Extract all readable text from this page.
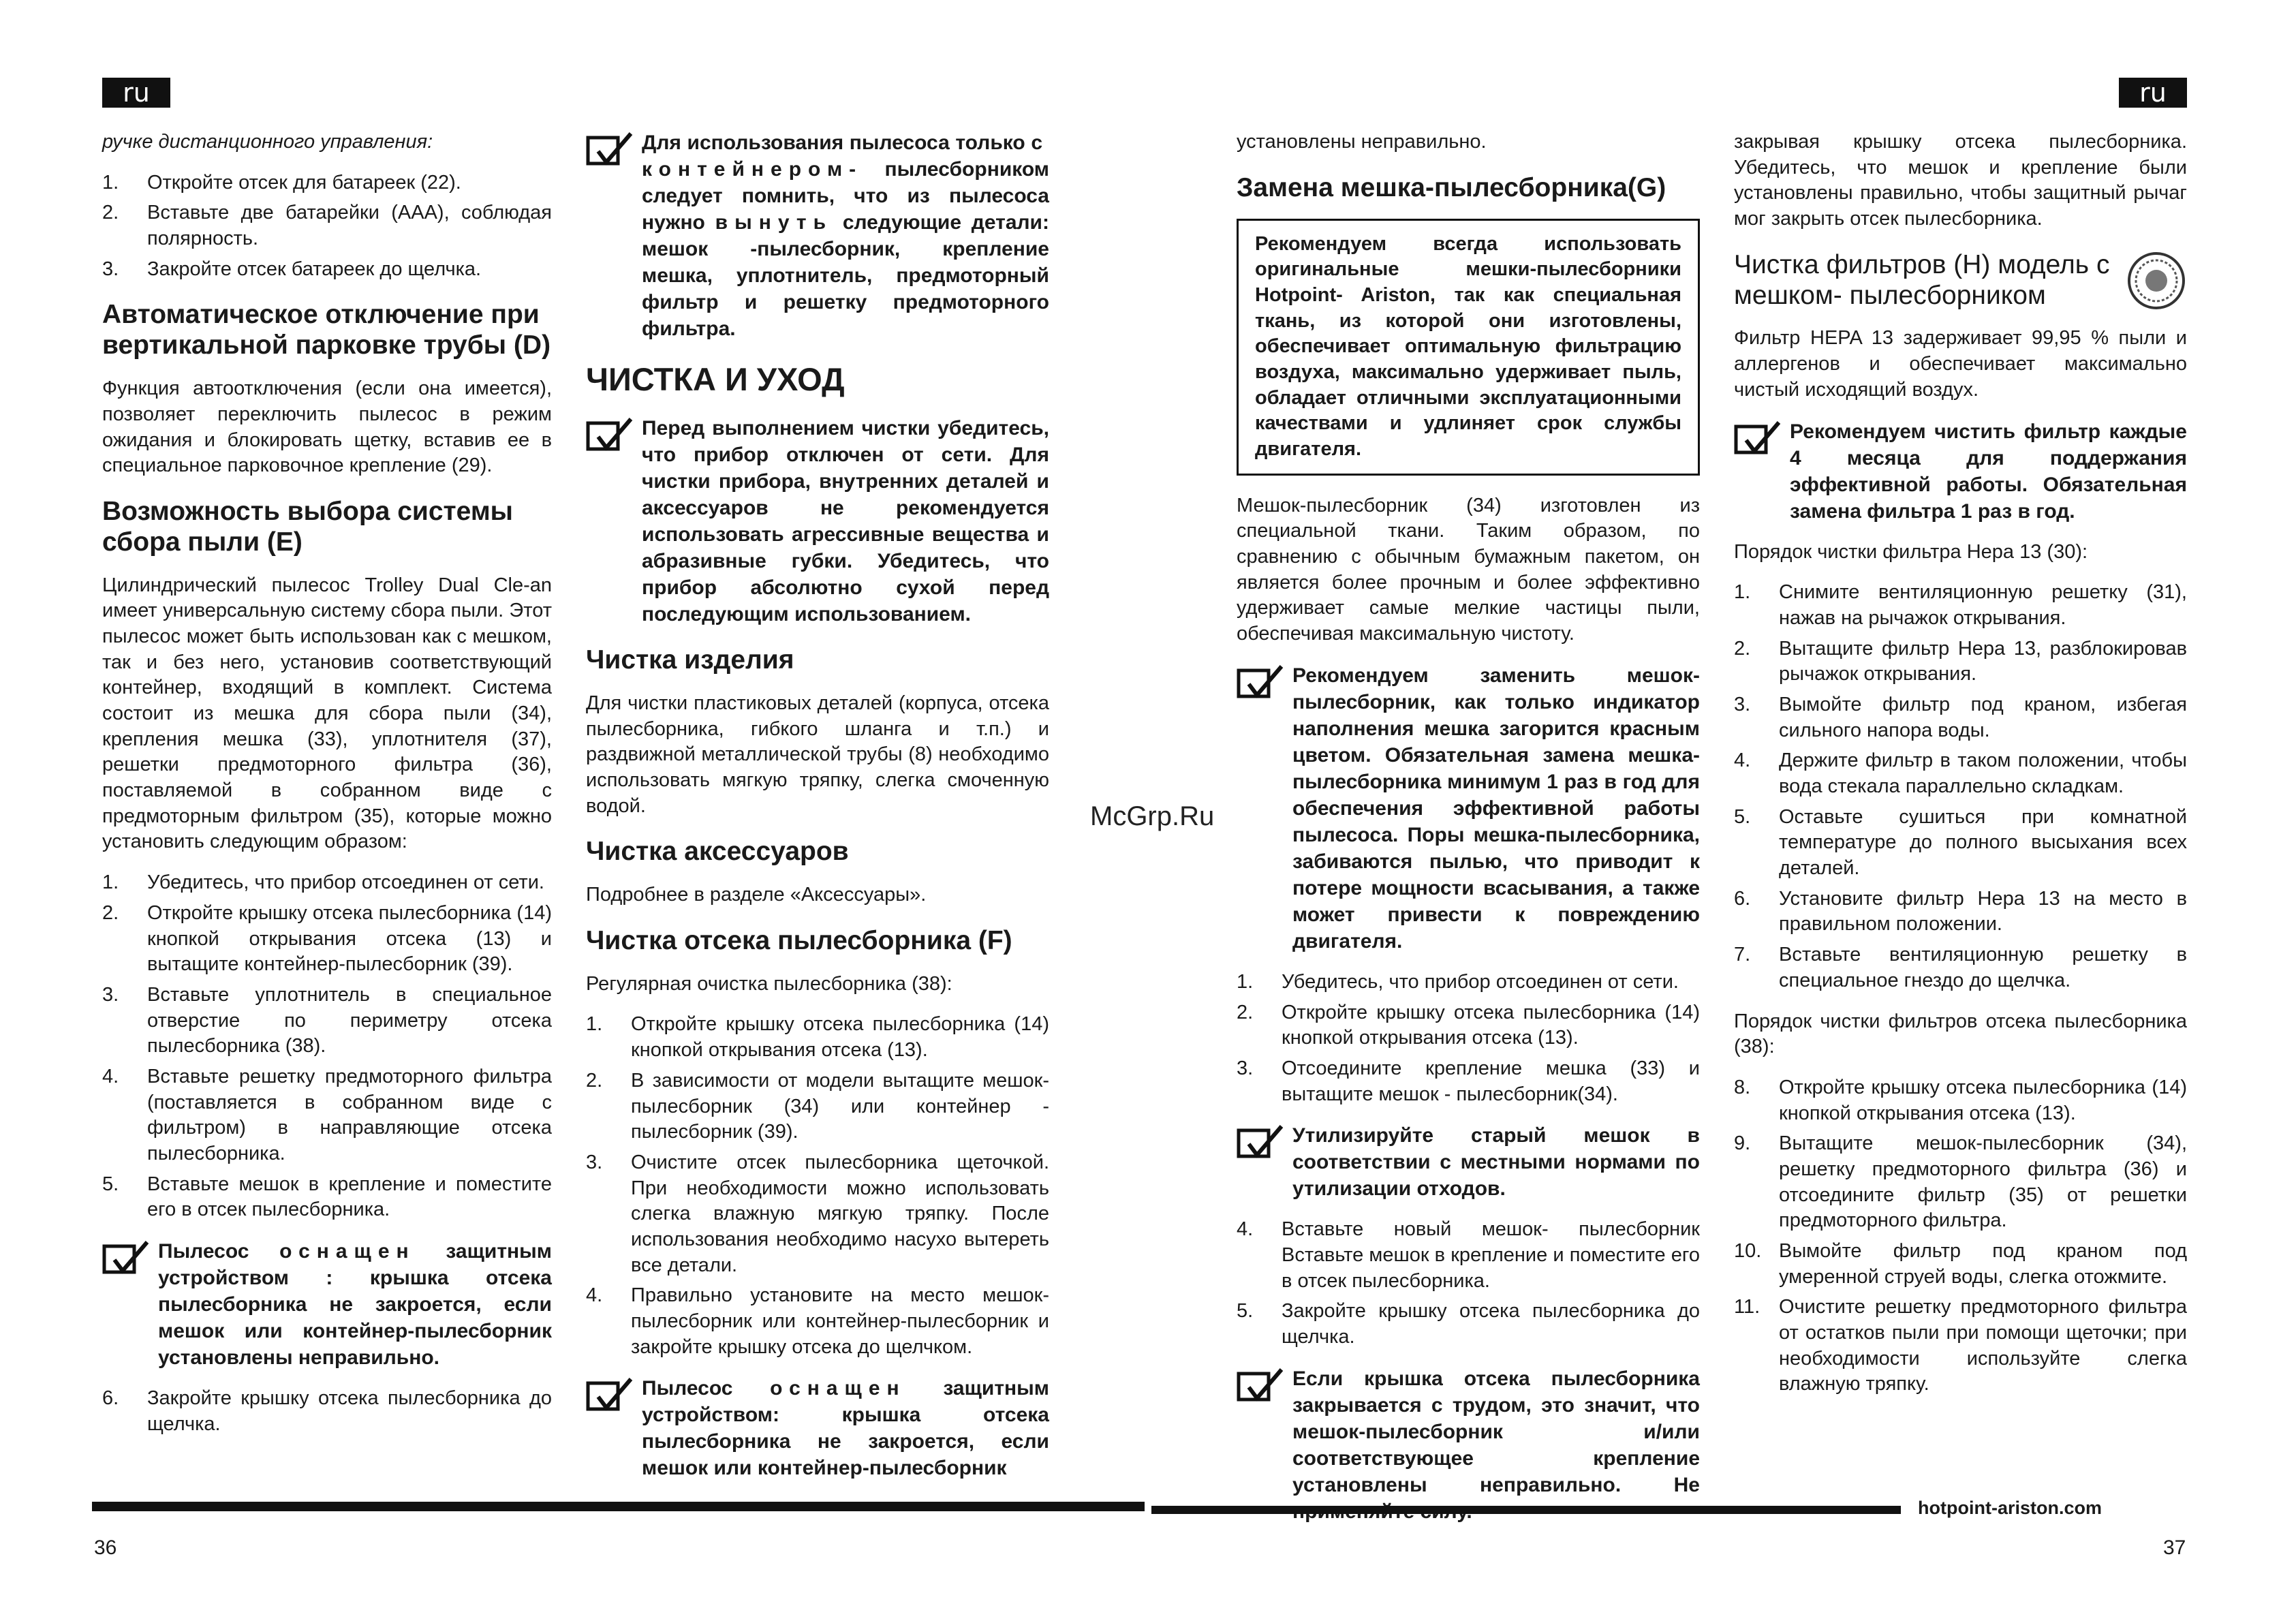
ru	ru

ручке дистанционного управления:

1.	Откройте отсек для батареек (22).
2.	Вставьте две батарейки (ААА), соблюдая полярность.
3.	Закройте отсек батареек до щелчка.
Автоматическое отключение при вертикальной парковке трубы (D)

Функция автоотключения (если она имеется), позволяет переключить пылесос в режим ожидания и блокировать щетку, вставив ее в специальное парковочное крепление (29).

Возможность выбора системы сбора пыли (E)

Цилиндрический пылесос Trolley Dual Cle-an имеет универсальную систему сбора пыли. Этот пылесос может быть использован как с мешком, так и без него, установив соответствующий контейнер, входящий в комплект. Система состоит из мешка для сбора пыли (34), крепления мешка (33), уплотнителя (37), решетки предмоторного фильтра (36), поставляемой в собранном виде с предмоторным фильтром (35), которые можно установить следующим образом:

1.	Убедитесь, что прибор отсоединен от сети.
2.	Откройте крышку отсека пылесборника (14) кнопкой открывания отсека (13) и вытащите контейнер-пылесборник (39).
3.	Вставьте уплотнитель в специальное отверстие по периметру отсека пылесборника (38).
4.	Вставьте решетку предмоторного фильтра (поставляется в собранном виде с фильтром) в направляющие отсека пылесборника.
5.	Вставьте мешок в крепление и поместите его в отсек пылесборника.
Пылесос оснащен защитным устройством : крышка отсека пылесборника не закроется, если мешок или контейнер-пылесборник установлены неправильно.
6.	Закройте крышку отсека пылесборника до щелчка.
Для использования пылесоса только с контейнером- пылесборником следует помнить, что из пылесоса нужно вынуть следующие детали: мешок -пылесборник, крепление мешка, уплотнитель, предмоторный фильтр и решетку предмоторного фильтра.
ЧИСТКА И УХОД
Перед выполнением чистки убедитесь, что прибор отключен от сети. Для чистки прибора, внутренних деталей и аксессуаров не рекомендуется использовать агрессивные вещества и абразивные губки. Убедитесь, что прибор абсолютно сухой перед последующим использованием.
Чистка изделия

Для чистки пластиковых деталей (корпуса, отсека пылесборника, гибкого шланга и т.п.) и раздвижной металлической трубы (8) необходимо использовать мягкую тряпку, слегка смоченную водой.

Чистка аксессуаров

Подробнее в разделе «Аксессуары».

Чистка отсека пылесборника (F)

Регулярная очистка пылесборника (38):

1.	Откройте крышку отсека пылесборника (14) кнопкой открывания отсека (13).
2.	В зависимости от модели вытащите мешок-пылесборник (34) или контейнер - пылесборник (39).
3.	Очистите отсек пылесборника щеточкой. При необходимости можно использовать слегка влажную мягкую тряпку. После использования необходимо насухо вытереть все детали.
4.	Правильно установите на место мешок-пылесборник или контейнер-пылесборник и закройте крышку отсека до щелчком.
Пылесос оснащен защитным устройством: крышка отсека пылесборника не закроется, если мешок или контейнер-пылесборник

установлены неправильно.

Замена мешка-пылесборника(G)
Рекомендуем всегда использовать оригинальные мешки-пылесборники Hotpoint- Ariston, так как специальная ткань, из которой они изготовлены, обеспечивает оптимальную фильтрацию воздуха, максимально удерживает пыль, обладает отличными эксплуатационными качествами и удлиняет срок службы двигателя.

Мешок-пылесборник (34) изготовлен из специальной ткани. Таким образом, по сравнению с обычным бумажным пакетом, он является более прочным и более эффективно удерживает самые мелкие частицы пыли, обеспечивая максимальную чистоту.

Рекомендуем заменить мешок-пылесборник, как только индикатор наполнения мешка загорится красным цветом. Обязательная замена мешка-пылесборника минимум 1 раз в год для обеспечения эффективной работы пылесоса. Поры мешка-пылесборника, забиваются пылью, что приводит к потере мощности всасывания, а также может привести к повреждению двигателя.
1.	Убедитесь, что прибор отсоединен от сети.
2.	Откройте крышку отсека пылесборника (14) кнопкой открывания отсека (13).
3.	Отсоедините крепление мешка (33) и вытащите мешок - пылесборник(34).
Утилизируйте старый мешок в соответствии с местными нормами по утилизации отходов.
4.	Вставьте новый мешок- пылесборник Вставьте мешок в крепление и поместите его в отсек пылесборника.
5.	Закройте крышку отсека пылесборника до щелчка.
Если крышка отсека пылесборника закрывается с трудом, это значит, что мешок-пылесборник и/или соответствующее крепление установлены неправильно. Не

закрывая крышку отсека пылесборника. Убедитесь, что мешок и крепление были установлены правильно, чтобы защитный рычаг мог закрыть отсек пылесборника.

Чистка фильтров (H) модель с мешком- пылесборником

Фильтр HEPA 13 задерживает 99,95 % пыли и аллергенов и обеспечивает максимально чистый исходящий воздух.

Рекомендуем чистить фильтр каждые 4 месяца для поддержания эффективной работы. Обязательная замена фильтра 1 раз в год.

Порядок чистки фильтра Hepa 13 (30):

1.	Снимите вентиляционную решетку (31), нажав на рычажок открывания.
2.	Вытащите фильтр Hepa 13, разблокировав рычажок открывания.
3.	Вымойте фильтр под краном, избегая сильного напора воды.
4.	Держите фильтр в таком положении, чтобы вода стекала параллельно складкам.
5.	Оставьте сушиться при комнатной температуре до полного высыхания всех деталей.
6.	Установите фильтр Hepa 13 на место в правильном положении.
7.	Вставьте вентиляционную решетку в специальное гнездо до щелчка.

Порядок чистки фильтров отсека пылесборника (38):

8.	Откройте крышку отсека пылесборника (14) кнопкой открывания отсека (13).
9.	Вытащите мешок-пылесборник (34), решетку предмоторного фильтра (36) и отсоедините фильтр (35) от решетки предмоторного фильтра.
10. Вымойте фильтр под краном под умеренной струей воды, слегка отожмите.
11. Очистите решетку предмоторного фильтра от остатков пыли при помощи щеточки; при необходимости используйте слегка влажную тряпку.
McGrp.Ru
hotpoint-ariston.com
36	37
